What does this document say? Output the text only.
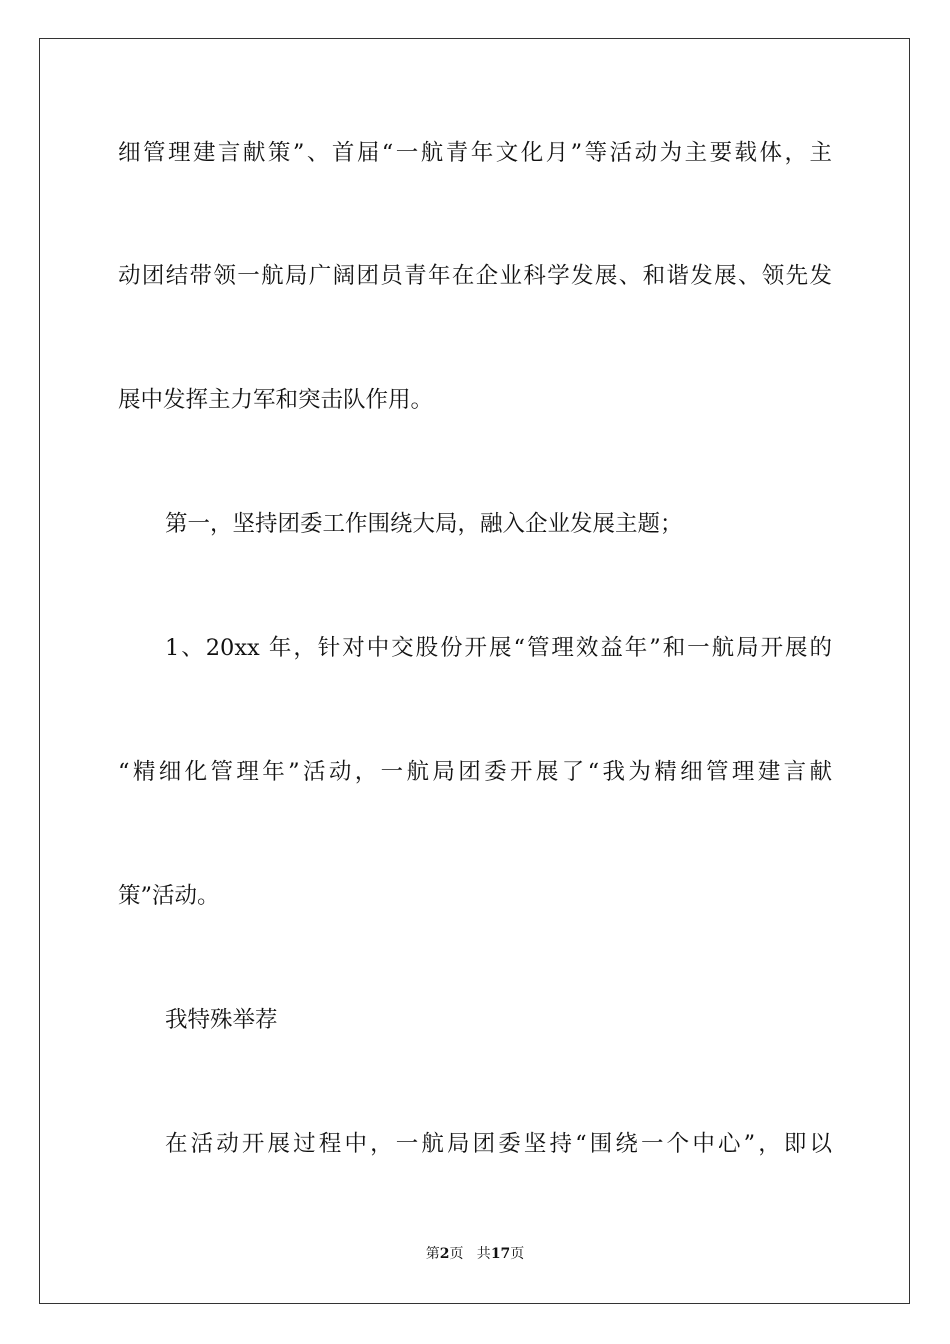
细管理建言献策”、首届“一航青年文化月”等活动为主要载体，主
动团结带领一航局广阔团员青年在企业科学发展、和谐发展、领先发
展中发挥主力军和突击队作用。
第一，坚持团委工作围绕大局，融入企业发展主题；
1、20xx 年，针对中交股份开展“管理效益年”和一航局开展的
“精细化管理年”活动，一航局团委开展了“我为精细管理建言献
策”活动。
我特殊举荐
在活动开展过程中，一航局团委坚持“围绕一个中心”，即以
第2页   共17页
